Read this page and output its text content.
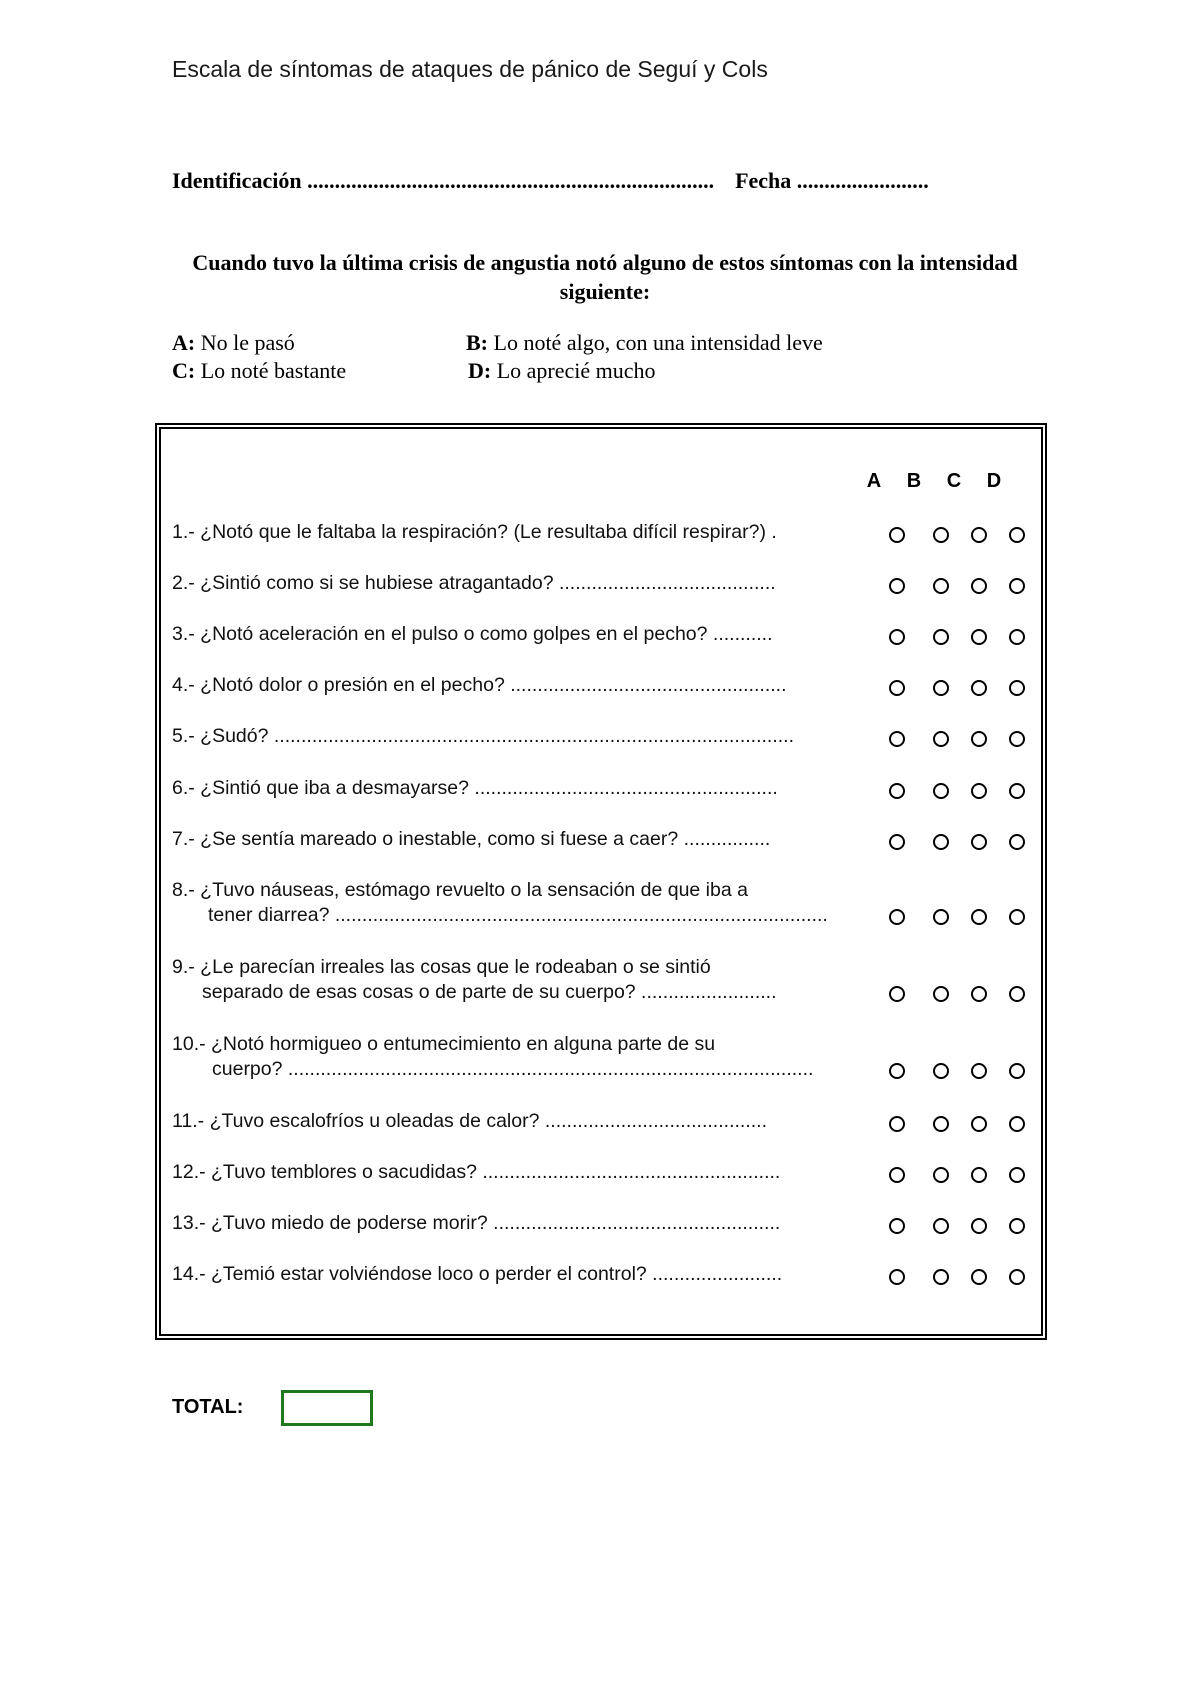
Escala de síntomas de ataques de pánico de Seguí y Cols
Identificación .......................................................................... Fecha ........................
Cuando tuvo la última crisis de angustia notó alguno de estos síntomas con la intensidad siguiente:
A: No le pasó	B: Lo noté algo, con una intensidad leve
C: Lo noté bastante	D: Lo aprecié mucho
A B C D
1.- ¿Notó que le faltaba la respiración? (Le resultaba difícil respirar?) .
2.- ¿Sintió como si se hubiese atragantado? ........................................
3.- ¿Notó aceleración en el pulso o como golpes en el pecho? ...........
4.- ¿Notó dolor o presión en el pecho? ...................................................
5.- ¿Sudó? ................................................................................................
6.- ¿Sintió que iba a desmayarse? ........................................................
7.- ¿Se sentía mareado o inestable, como si fuese a caer? ................
8.- ¿Tuvo náuseas, estómago revuelto o la sensación de que iba a
tener diarrea? ...........................................................................................
9.- ¿Le parecían irreales las cosas que le rodeaban o se sintió
separado de esas cosas o de parte de su cuerpo? .........................
10.- ¿Notó hormigueo o entumecimiento en alguna parte de su
cuerpo? .................................................................................................
11.- ¿Tuvo escalofríos u oleadas de calor? .........................................
12.- ¿Tuvo temblores o sacudidas? .......................................................
13.- ¿Tuvo miedo de poderse morir? .....................................................
14.- ¿Temió estar volviéndose loco o perder el control? ........................
TOTAL:
